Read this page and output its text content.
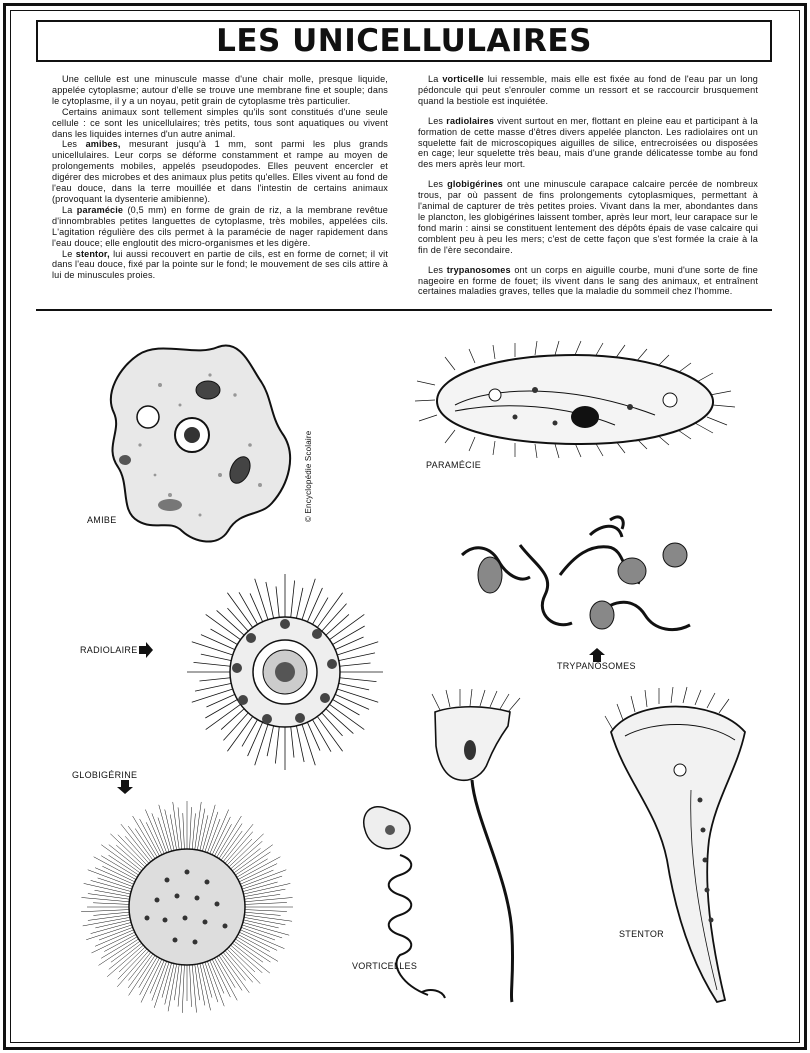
LES UNICELLULAIRES

Une cellule est une minuscule masse d'une chair molle, presque liquide, appelée cytoplasme; autour d'elle se trouve une membrane fine et souple; dans le cytoplasme, il y a un noyau, petit grain de cytoplasme très particulier.

Certains animaux sont tellement simples qu'ils sont constitués d'une seule cellule : ce sont les unicellulaires; très petits, tous sont aquatiques ou vivent dans les liquides internes d'un autre animal.

Les amibes, mesurant jusqu'à 1 mm, sont parmi les plus grands unicellulaires. Leur corps se déforme constamment et rampe au moyen de prolongements mobiles, appelés pseudopodes. Elles peuvent encercler et digérer des microbes et des animaux plus petits qu'elles. Elles vivent au fond de l'eau douce, dans la terre mouillée et dans l'intestin de certains animaux (provoquant la dysenterie amibienne).

La paramécie (0,5 mm) en forme de grain de riz, a la membrane revêtue d'innombrables petites languettes de cytoplasme, très mobiles, appelées cils. L'agitation régulière des cils permet à la paramécie de nager rapidement dans l'eau douce; elle engloutit des micro-organismes et les digère.

Le stentor, lui aussi recouvert en partie de cils, est en forme de cornet; il vit dans l'eau douce, fixé par la pointe sur le fond; le mouvement de ses cils attire à lui de minuscules proies.

La vorticelle lui ressemble, mais elle est fixée au fond de l'eau par un long pédoncule qui peut s'enrouler comme un ressort et se raccourcir brusquement quand la bestiole est inquiétée.

Les radiolaires vivent surtout en mer, flottant en pleine eau et participant à la formation de cette masse d'êtres divers appelée plancton. Les radiolaires ont un squelette fait de microscopiques aiguilles de silice, entrecroisées ou disposées en cage; leur squelette très beau, mais d'une grande délicatesse tombe au fond des mers après leur mort.

Les globigérines ont une minuscule carapace calcaire percée de nombreux trous, par où passent de fins prolongements cytoplasmiques, permettant à l'animal de capturer de très petites proies. Vivant dans la mer, abondantes dans le plancton, les globigérines laissent tomber, après leur mort, leur carapace sur le fond marin : ainsi se constituent lentement des dépôts épais de vase calcaire qui comblent peu à peu les mers; c'est de cette façon que s'est formée la craie à la fin de l'ère secondaire.

Les trypanosomes ont un corps en aiguille courbe, muni d'une sorte de fine nageoire en forme de fouet; ils vivent dans le sang des animaux, et entraînent certaines maladies graves, telles que la maladie du sommeil chez l'homme.

AMIBE	© Encyclopédie Scolaire	PARAMÉCIE
RADIOLAIRE
TRYPANOSOMES
GLOBIGÉRINE
VORTICELLES
STENTOR
